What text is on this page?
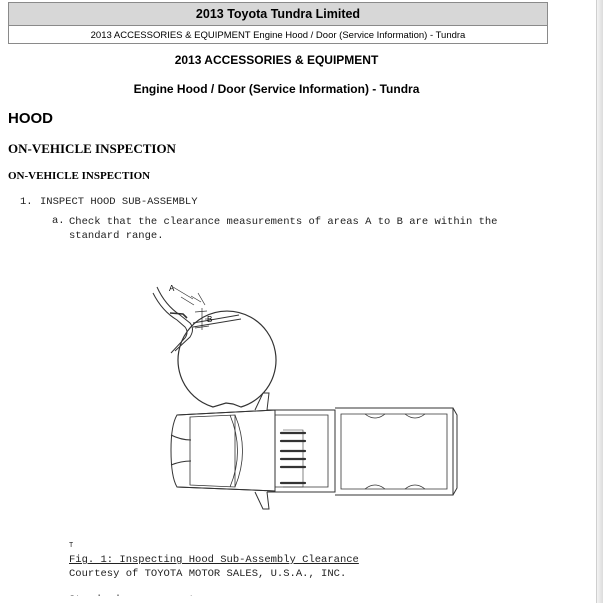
2013 Toyota Tundra Limited
2013 ACCESSORIES & EQUIPMENT Engine Hood / Door (Service Information) - Tundra
2013 ACCESSORIES & EQUIPMENT
Engine Hood / Door (Service Information) - Tundra
HOOD
ON-VEHICLE INSPECTION
ON-VEHICLE INSPECTION
1. INSPECT HOOD SUB-ASSEMBLY
a. Check that the clearance measurements of areas A to B are within the standard range.
A
B
T
Fig. 1: Inspecting Hood Sub-Assembly Clearance
Courtesy of TOYOTA MOTOR SALES, U.S.A., INC.
